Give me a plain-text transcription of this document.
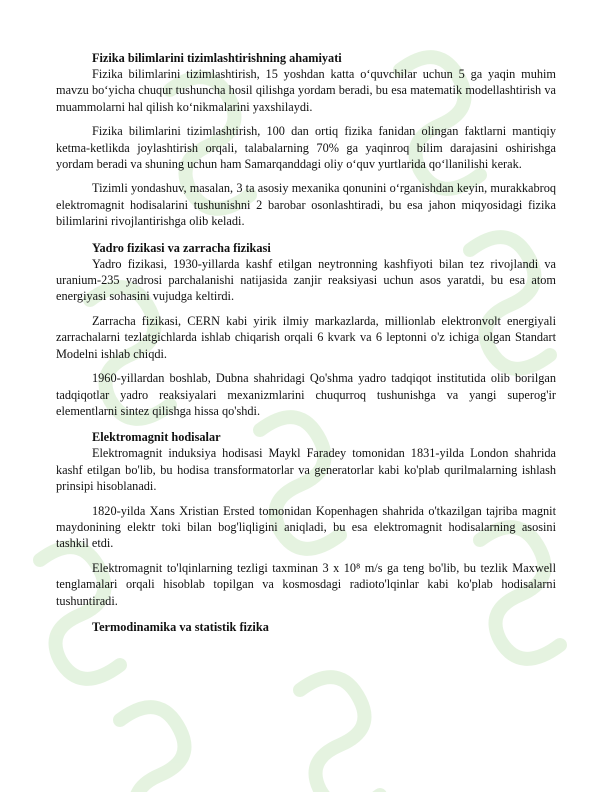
Fizika bilimlarini tizimlashtirishning ahamiyati

Fizika bilimlarini tizimlashtirish, 15 yoshdan katta o‘quvchilar uchun 5 ga yaqin muhim mavzu bo‘yicha chuqur tushuncha hosil qilishga yordam beradi, bu esa matematik modellashtirish va muammolarni hal qilish ko‘nikmalarini yaxshilaydi.

Fizika bilimlarini tizimlashtirish, 100 dan ortiq fizika fanidan olingan faktlarni mantiqiy ketma-ketlikda joylashtirish orqali, talabalarning 70% ga yaqinroq bilim darajasini oshirishga yordam beradi va shuning uchun ham Samarqanddagi oliy o‘quv yurtlarida qo‘llanilishi kerak.

Tizimli yondashuv, masalan, 3 ta asosiy mexanika qonunini o‘rganishdan keyin, murakkabroq elektromagnit hodisalarini tushunishni 2 barobar osonlashtiradi, bu esa jahon miqyosidagi fizika bilimlarini rivojlantirishga olib keladi.

Yadro fizikasi va zarracha fizikasi

Yadro fizikasi, 1930-yillarda kashf etilgan neytronning kashfiyoti bilan tez rivojlandi va uranium-235 yadrosi parchalanishi natijasida zanjir reaksiyasi uchun asos yaratdi, bu esa atom energiyasi sohasini vujudga keltirdi.

Zarracha fizikasi, CERN kabi yirik ilmiy markazlarda, millionlab elektronvolt energiyali zarrachalarni tezlatgichlarda ishlab chiqarish orqali 6 kvark va 6 leptonni o'z ichiga olgan Standart Modelni ishlab chiqdi.

1960-yillardan boshlab, Dubna shahridagi Qo'shma yadro tadqiqot institutida olib borilgan tadqiqotlar yadro reaksiyalari mexanizmlarini chuqurroq tushunishga va yangi superog'ir elementlarni sintez qilishga hissa qo'shdi.

Elektromagnit hodisalar

Elektromagnit induksiya hodisasi Maykl Faradey tomonidan 1831-yilda London shahrida kashf etilgan bo'lib, bu hodisa transformatorlar va generatorlar kabi ko'plab qurilmalarning ishlash prinsipi hisoblanadi.

1820-yilda Xans Xristian Ersted tomonidan Kopenhagen shahrida o'tkazilgan tajriba magnit maydonining elektr toki bilan bog'liqligini aniqladi, bu esa elektromagnit hodisalarning asosini tashkil etdi.

Elektromagnit to'lqinlarning tezligi taxminan 3 x 10⁸ m/s ga teng bo'lib, bu tezlik Maxwell tenglamalari orqali hisoblab topilgan va kosmosdagi radioto'lqinlar kabi ko'plab hodisalarni tushuntiradi.

Termodinamika va statistik fizika
